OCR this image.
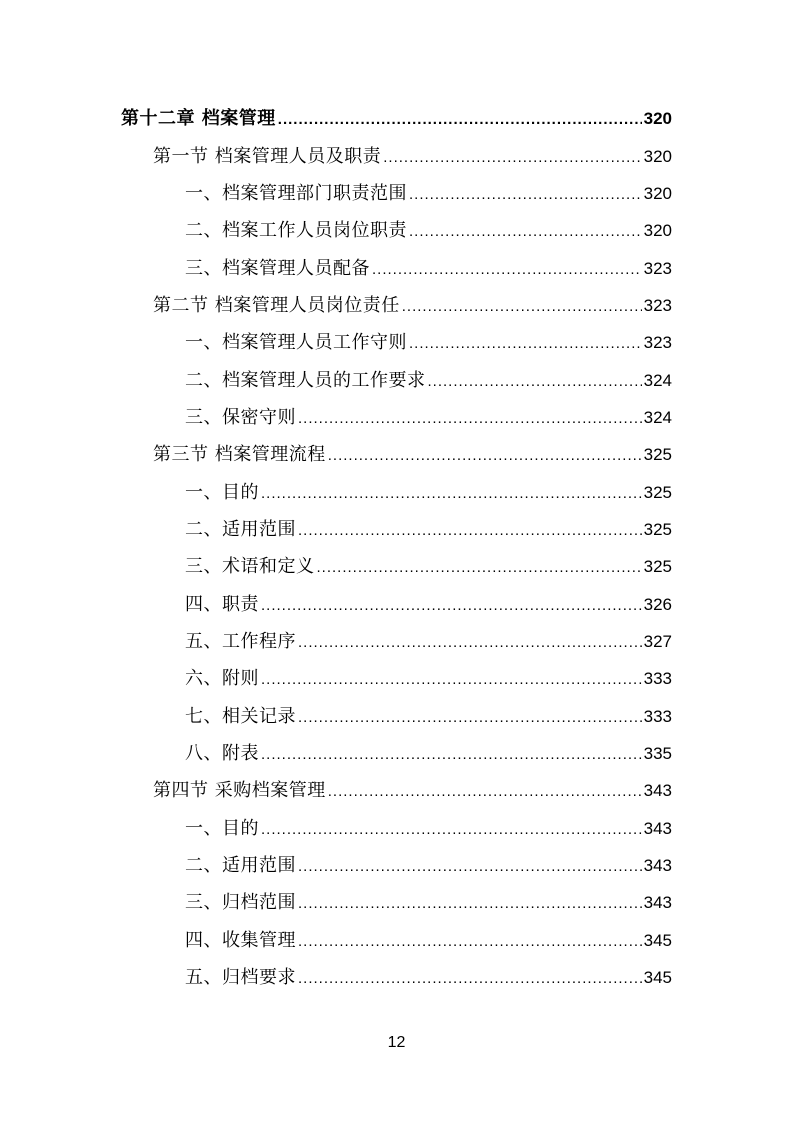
第十二章 档案管理 .....	320
第一节 档案管理人员及职责 .....	320
一、档案管理部门职责范围 .....	320
二、档案工作人员岗位职责 .....	320
三、档案管理人员配备 .....	323
第二节 档案管理人员岗位责任 .....	323
一、档案管理人员工作守则 .....	323
二、档案管理人员的工作要求 .....	324
三、保密守则 .....	324
第三节 档案管理流程 .....	325
一、目的 .....	325
二、适用范围 .....	325
三、术语和定义 .....	325
四、职责 .....	326
五、工作程序 .....	327
六、附则 .....	333
七、相关记录 .....	333
八、附表 .....	335
第四节 采购档案管理 .....	343
一、目的 .....	343
二、适用范围 .....	343
三、归档范围 .....	343
四、收集管理 .....	345
五、归档要求 .....	345
12
